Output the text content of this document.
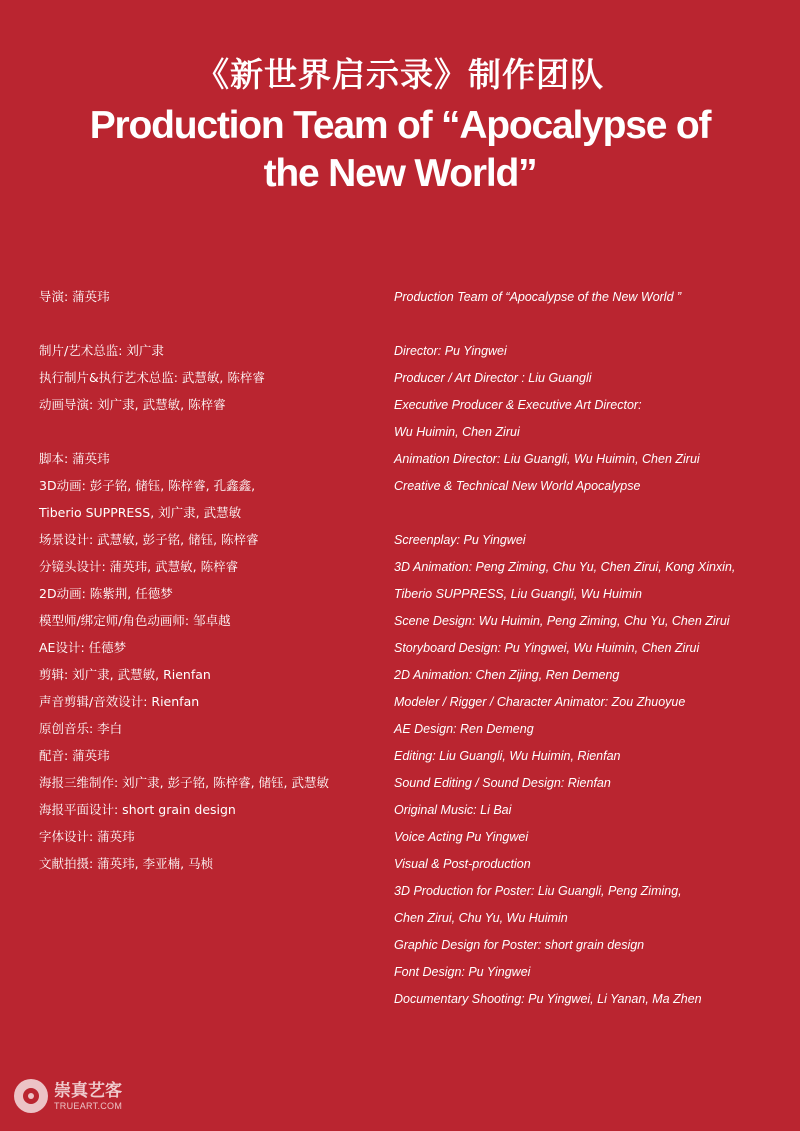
《新世界启示录》制作团队
Production Team of “Apocalypse of
the New World”
导演: 蒲英玮
制片/艺术总监: 刘广隶
执行制片&执行艺术总监: 武慧敏, 陈梓睿
动画导演: 刘广隶, 武慧敏, 陈梓睿
脚本: 蒲英玮
3D动画: 彭子铭, 储钰, 陈梓睿, 孔鑫鑫,
Tiberio SUPPRESS, 刘广隶, 武慧敏
场景设计: 武慧敏, 彭子铭, 储钰, 陈梓睿
分镜头设计: 蒲英玮, 武慧敏, 陈梓睿
2D动画: 陈紫荆, 任德梦
模型师/绑定师/角色动画师: 邹卓越
AE设计: 任德梦
剪辑: 刘广隶, 武慧敏, Rienfan
声音剪辑/音效设计: Rienfan
原创音乐: 李白
配音: 蒲英玮
海报三维制作: 刘广隶, 彭子铭, 陈梓睿, 储钰, 武慧敏
海报平面设计: short grain design
字体设计: 蒲英玮
文献拍摄: 蒲英玮, 李亚楠, 马桢
Production Team of “Apocalypse of the New World ”
Director: Pu Yingwei
Producer / Art Director : Liu Guangli
Executive Producer & Executive Art Director:
Wu Huimin, Chen Zirui
Animation Director: Liu Guangli, Wu Huimin, Chen Zirui
Creative & Technical New World Apocalypse
Screenplay: Pu Yingwei
3D Animation: Peng Ziming, Chu Yu, Chen Zirui, Kong Xinxin,
Tiberio SUPPRESS, Liu Guangli, Wu Huimin
Scene Design: Wu Huimin, Peng Ziming, Chu Yu, Chen Zirui
Storyboard Design: Pu Yingwei, Wu Huimin, Chen Zirui
2D Animation: Chen Zijing, Ren Demeng
Modeler / Rigger / Character Animator: Zou Zhuoyue
AE Design: Ren Demeng
Editing: Liu Guangli, Wu Huimin, Rienfan
Sound Editing / Sound Design: Rienfan
Original Music: Li Bai
Voice Acting Pu Yingwei
Visual & Post-production
3D Production for Poster: Liu Guangli, Peng Ziming,
Chen Zirui, Chu Yu, Wu Huimin
Graphic Design for Poster: short grain design
Font Design: Pu Yingwei
Documentary Shooting: Pu Yingwei, Li Yanan, Ma Zhen
崇真艺客
TRUEART.COM
